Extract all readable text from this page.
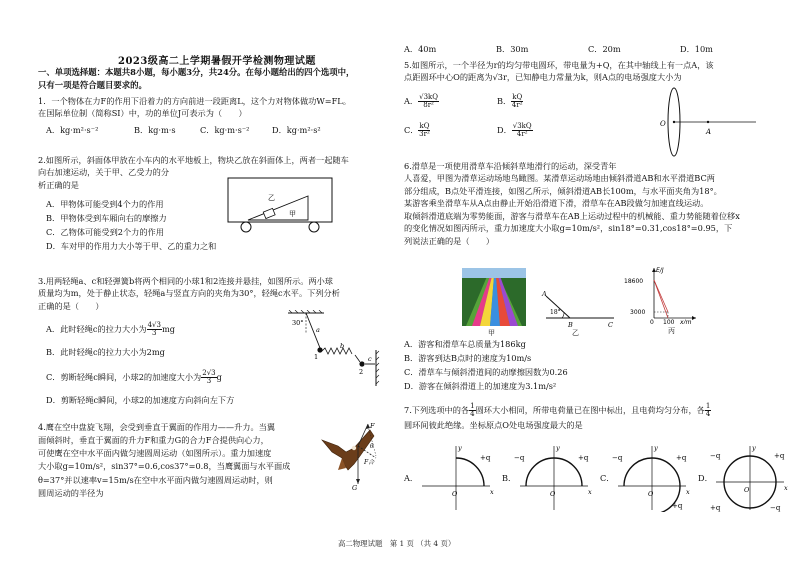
2023级高二上学期暑假开学检测物理试题
一、单项选择题：本题共8小题，每小题3分，共24分。在每小题给出的四个选项中，
只有一项是符合题目要求的。
1．一个物体在力F的作用下沿着力的方向前进一段距离L，这个力对物体做功W=FL。
在国际单位制（简称SI）中，功的单位J可表示为（　　）
A．kg·m²·s⁻²	B．kg·m·s	C．kg·m·s⁻²	D．kg·m²·s²
2.如图所示，斜面体甲放在小车内的水平地板上，物块乙放在斜面体上，两者一起随车
向右加速运动，关于甲、乙受力的分
析正确的是
A．甲物体可能受到4个力的作用
B．甲物体受到车厢向右的摩擦力
C．乙物体可能受到2个力的作用
D．车对甲的作用力大小等于甲、乙的重力之和
乙
甲
3.用两轻绳a、c和轻弹簧b将两个相同的小球1和2连接并悬挂，如图所示。两小球
质量均为m，处于静止状态，轻绳a与竖直方向的夹角为30°，轻绳c水平。下列分析
正确的是（　　）
A．此时轻绳c的拉力大小为 $\frac{4√3}{3}$ mg
B．此时轻绳c的拉力大小为2mg
C．剪断轻绳c瞬间，小球2的加速度大小为 $\frac{2√3}{3}$ g
D．剪断轻绳c瞬间，小球2的加速度方向斜向左下方
30°
a
b
c
1
2
4.鹰在空中盘旋飞翔，会受到垂直于翼面的作用力——升力。当翼
面倾斜时，垂直于翼面的升力F和重力G的合力F合提供向心力，
可使鹰在空中水平面内做匀速圆周运动（如图所示）。重力加速度
大小取g=10m/s²，sin37°=0.6,cos37°=0.8，当鹰翼面与水平面成
θ=37°并以速率v=15m/s在空中水平面内做匀速圆周运动时，则
圆周运动的半径为
F
F合
G
θ
A．40m	B．30m	C．20m	D．10m
5.如图所示，一个半径为r的均匀带电圆环，带电量为+Q，在其中轴线上有一点A，该
点距圆环中心O的距离为√3r，已知静电力常量为k，则A点的电场强度大小为
A． $\frac{√3kQ}{\text{8r²}}$	B． $\frac{kQ}{\text{4r²}}$
C． $\frac{kQ}{\text{3r²}}$	D． $\frac{√3kQ}{\text{4r²}}$	O
A
6.滑草是一项使用滑草车沿倾斜草地滑行的运动，深受青年
人喜爱，甲图为滑草运动场地鸟瞰图。某滑草运动场地由倾斜滑道AB和水平滑道BC两
部分组成，B点处平滑连接，如图乙所示，倾斜滑道AB长100m，与水平面夹角为18°。
某游客乘坐滑草车从A点由静止开始沿滑道下滑，滑草车在AB段做匀加速直线运动。
取倾斜滑道底端为零势能面，游客与滑草车在AB上运动过程中的机械能、重力势能随着位移x
的变化情况如图丙所示，重力加速度大小取g=10m/s²，sin18°=0.31,cos18°=0.95，下
列说法正确的是（　　）
甲
A
B	C
18°
乙
E/J
18600
3000
0 100 x/m
丙
A．游客和滑草车总质量为186kg
B．游客到达B点时的速度为10m/s
C．滑草车与倾斜滑道间的动摩擦因数为0.26
D．游客在倾斜滑道上的加速度为3.1m/s²
7.下列选项中的各 $\frac{1}{4}$ 圆环大小相同，所带电荷量已在图中标出，且电荷均匀分布，各 $\frac{1}{4}$
圆环间彼此绝缘。坐标原点O处电场强度最大的是
A．
+q
O	x
y
B．
−q	+q
O	x
y
C．
−q	+q
+q
O	x
y
D．
−q	+q
+q	−q
O	x
y
高二物理试题　第 1 页 （共 4 页）
